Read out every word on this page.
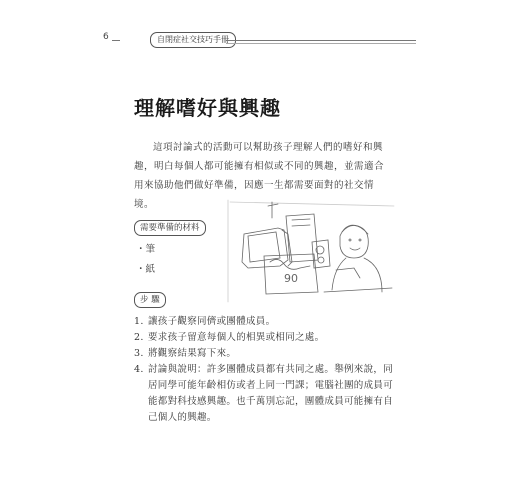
6	自閉症社交技巧手冊
理解嗜好與興趣

這項討論式的活動可以幫助孩子理解人們的嗜好和興趣，明白每個人都可能擁有相似或不同的興趣，並需適合用來協助他們做好準備，因應一生都需要面對的社交情境。

需要準備的材料
・筆
・紙
90
步 驟
1. 讓孩子觀察同儕或團體成員。
2. 要求孩子留意每個人的相異或相同之處。
3. 將觀察結果寫下來。
4. 討論與說明：許多團體成員都有共同之處。舉例來說，同居同學可能年齡相仿或者上同一門課；電腦社團的成員可能都對科技感興趣。也千萬別忘記，團體成員可能擁有自己個人的興趣。
